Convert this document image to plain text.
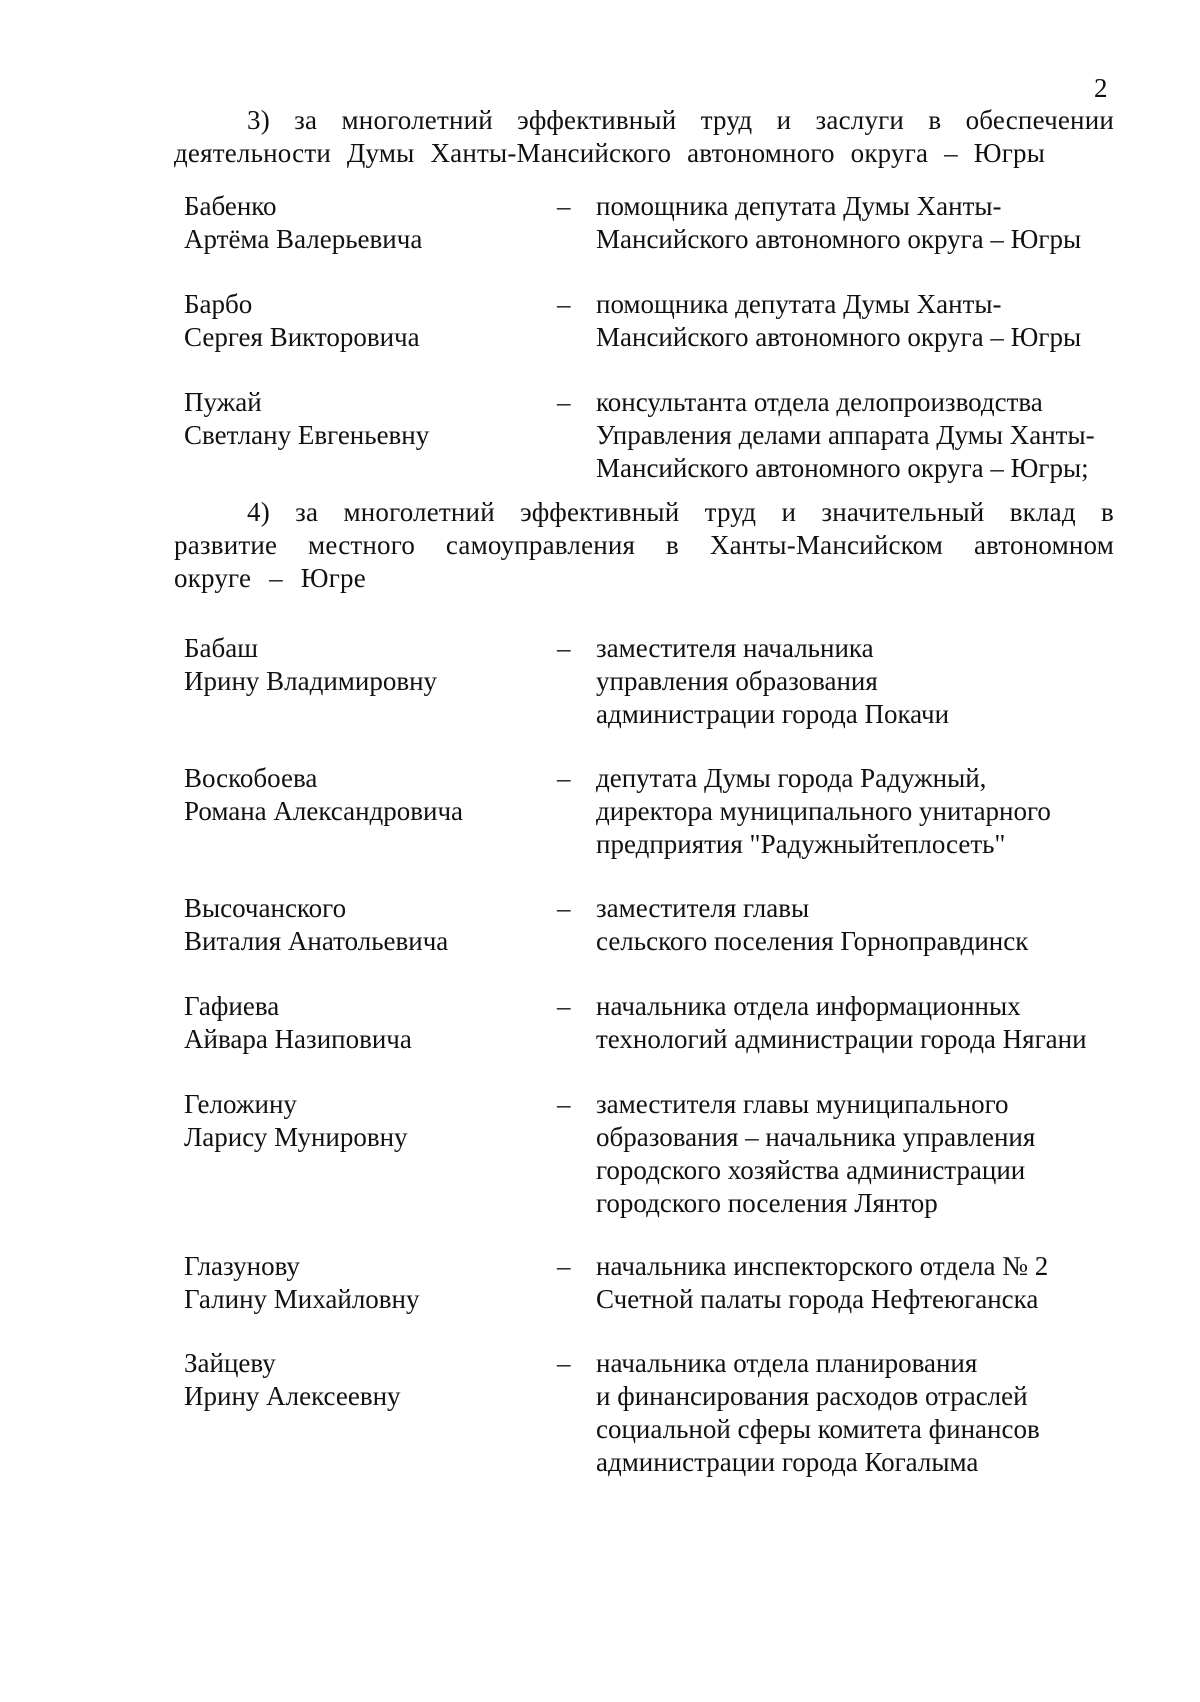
2
3) за многолетний эффективный труд и заслуги в обеспечении деятельности Думы Ханты-Мансийского автономного округа – Югры
Бабенко
Артёма Валерьевича
– помощника депутата Думы Ханты-
Мансийского автономного округа – Югры
Барбо
Сергея Викторовича
– помощника депутата Думы Ханты-
Мансийского автономного округа – Югры
Пужай
Светлану Евгеньевну
– консультанта отдела делопроизводства
Управления делами аппарата Думы Ханты-
Мансийского автономного округа – Югры;
4) за многолетний эффективный труд и значительный вклад в развитие местного самоуправления в Ханты-Мансийском автономном округе – Югре
Бабаш
Ирину Владимировну
– заместителя начальника
управления образования
администрации города Покачи
Воскобоева
Романа Александровича
– депутата Думы города Радужный,
директора муниципального унитарного
предприятия "Радужныйтеплосеть"
Высочанского
Виталия Анатольевича
– заместителя главы
сельского поселения Горноправдинск
Гафиева
Айвара Назиповича
– начальника отдела информационных
технологий администрации города Нягани
Геложину
Ларису Мунировну
– заместителя главы муниципального
образования – начальника управления
городского хозяйства администрации
городского поселения Лянтор
Глазунову
Галину Михайловну
– начальника инспекторского отдела № 2
Счетной палаты города Нефтеюганска
Зайцеву
Ирину Алексеевну
– начальника отдела планирования
и финансирования расходов отраслей
социальной сферы комитета финансов
администрации города Когалыма
